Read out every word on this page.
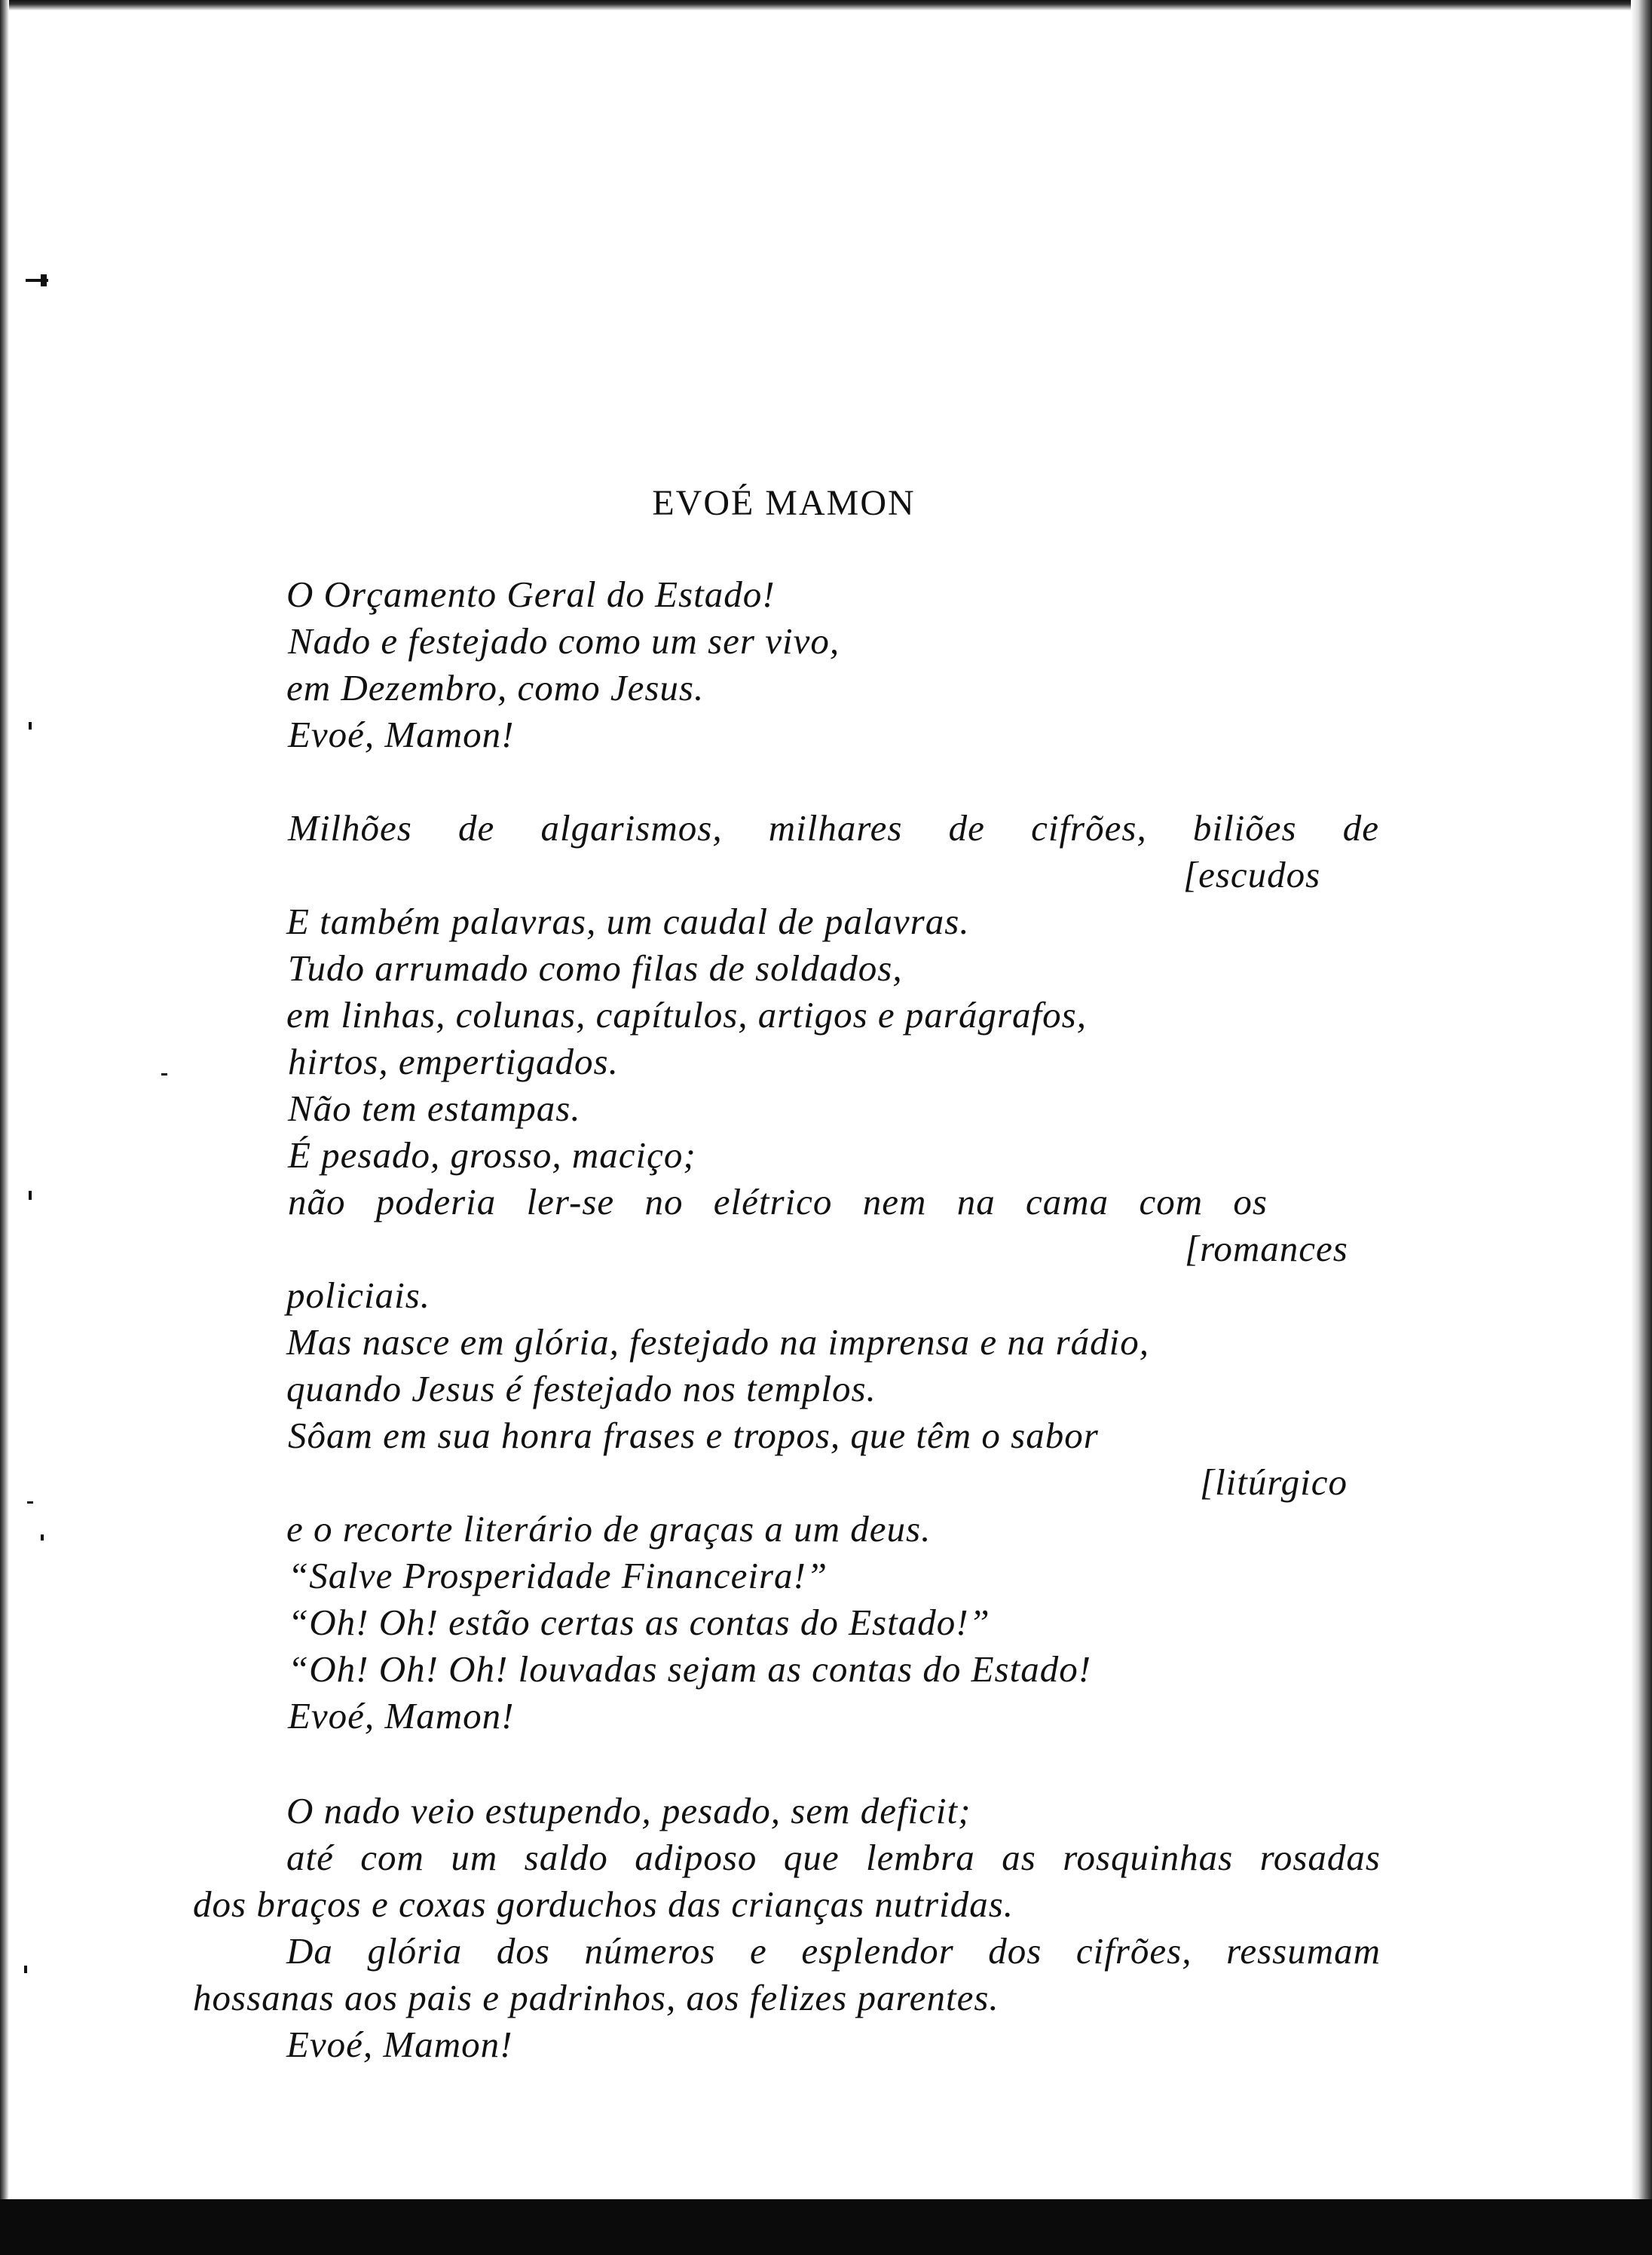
EVOÉ MAMON
O Orçamento Geral do Estado!
Nado e festejado como um ser vivo,
em Dezembro, como Jesus.
Evoé, Mamon!
Milhões de algarismos, milhares de cifrões, biliões de
[escudos
E também palavras, um caudal de palavras.
Tudo arrumado como filas de soldados,
em linhas, colunas, capítulos, artigos e parágrafos,
hirtos, empertigados.
Não tem estampas.
É pesado, grosso, maciço;
não poderia ler-se no elétrico nem na cama com os
[romances
policiais.
Mas nasce em glória, festejado na imprensa e na rádio,
quando Jesus é festejado nos templos.
Sôam em sua honra frases e tropos, que têm o sabor
[litúrgico
e o recorte literário de graças a um deus.
“Salve Prosperidade Financeira!”
“Oh! Oh! estão certas as contas do Estado!”
“Oh! Oh! Oh! louvadas sejam as contas do Estado!
Evoé, Mamon!
O nado veio estupendo, pesado, sem deficit;
até com um saldo adiposo que lembra as rosquinhas rosadas
dos braços e coxas gorduchos das crianças nutridas.
Da glória dos números e esplendor dos cifrões, ressumam
hossanas aos pais e padrinhos, aos felizes parentes.
Evoé, Mamon!
